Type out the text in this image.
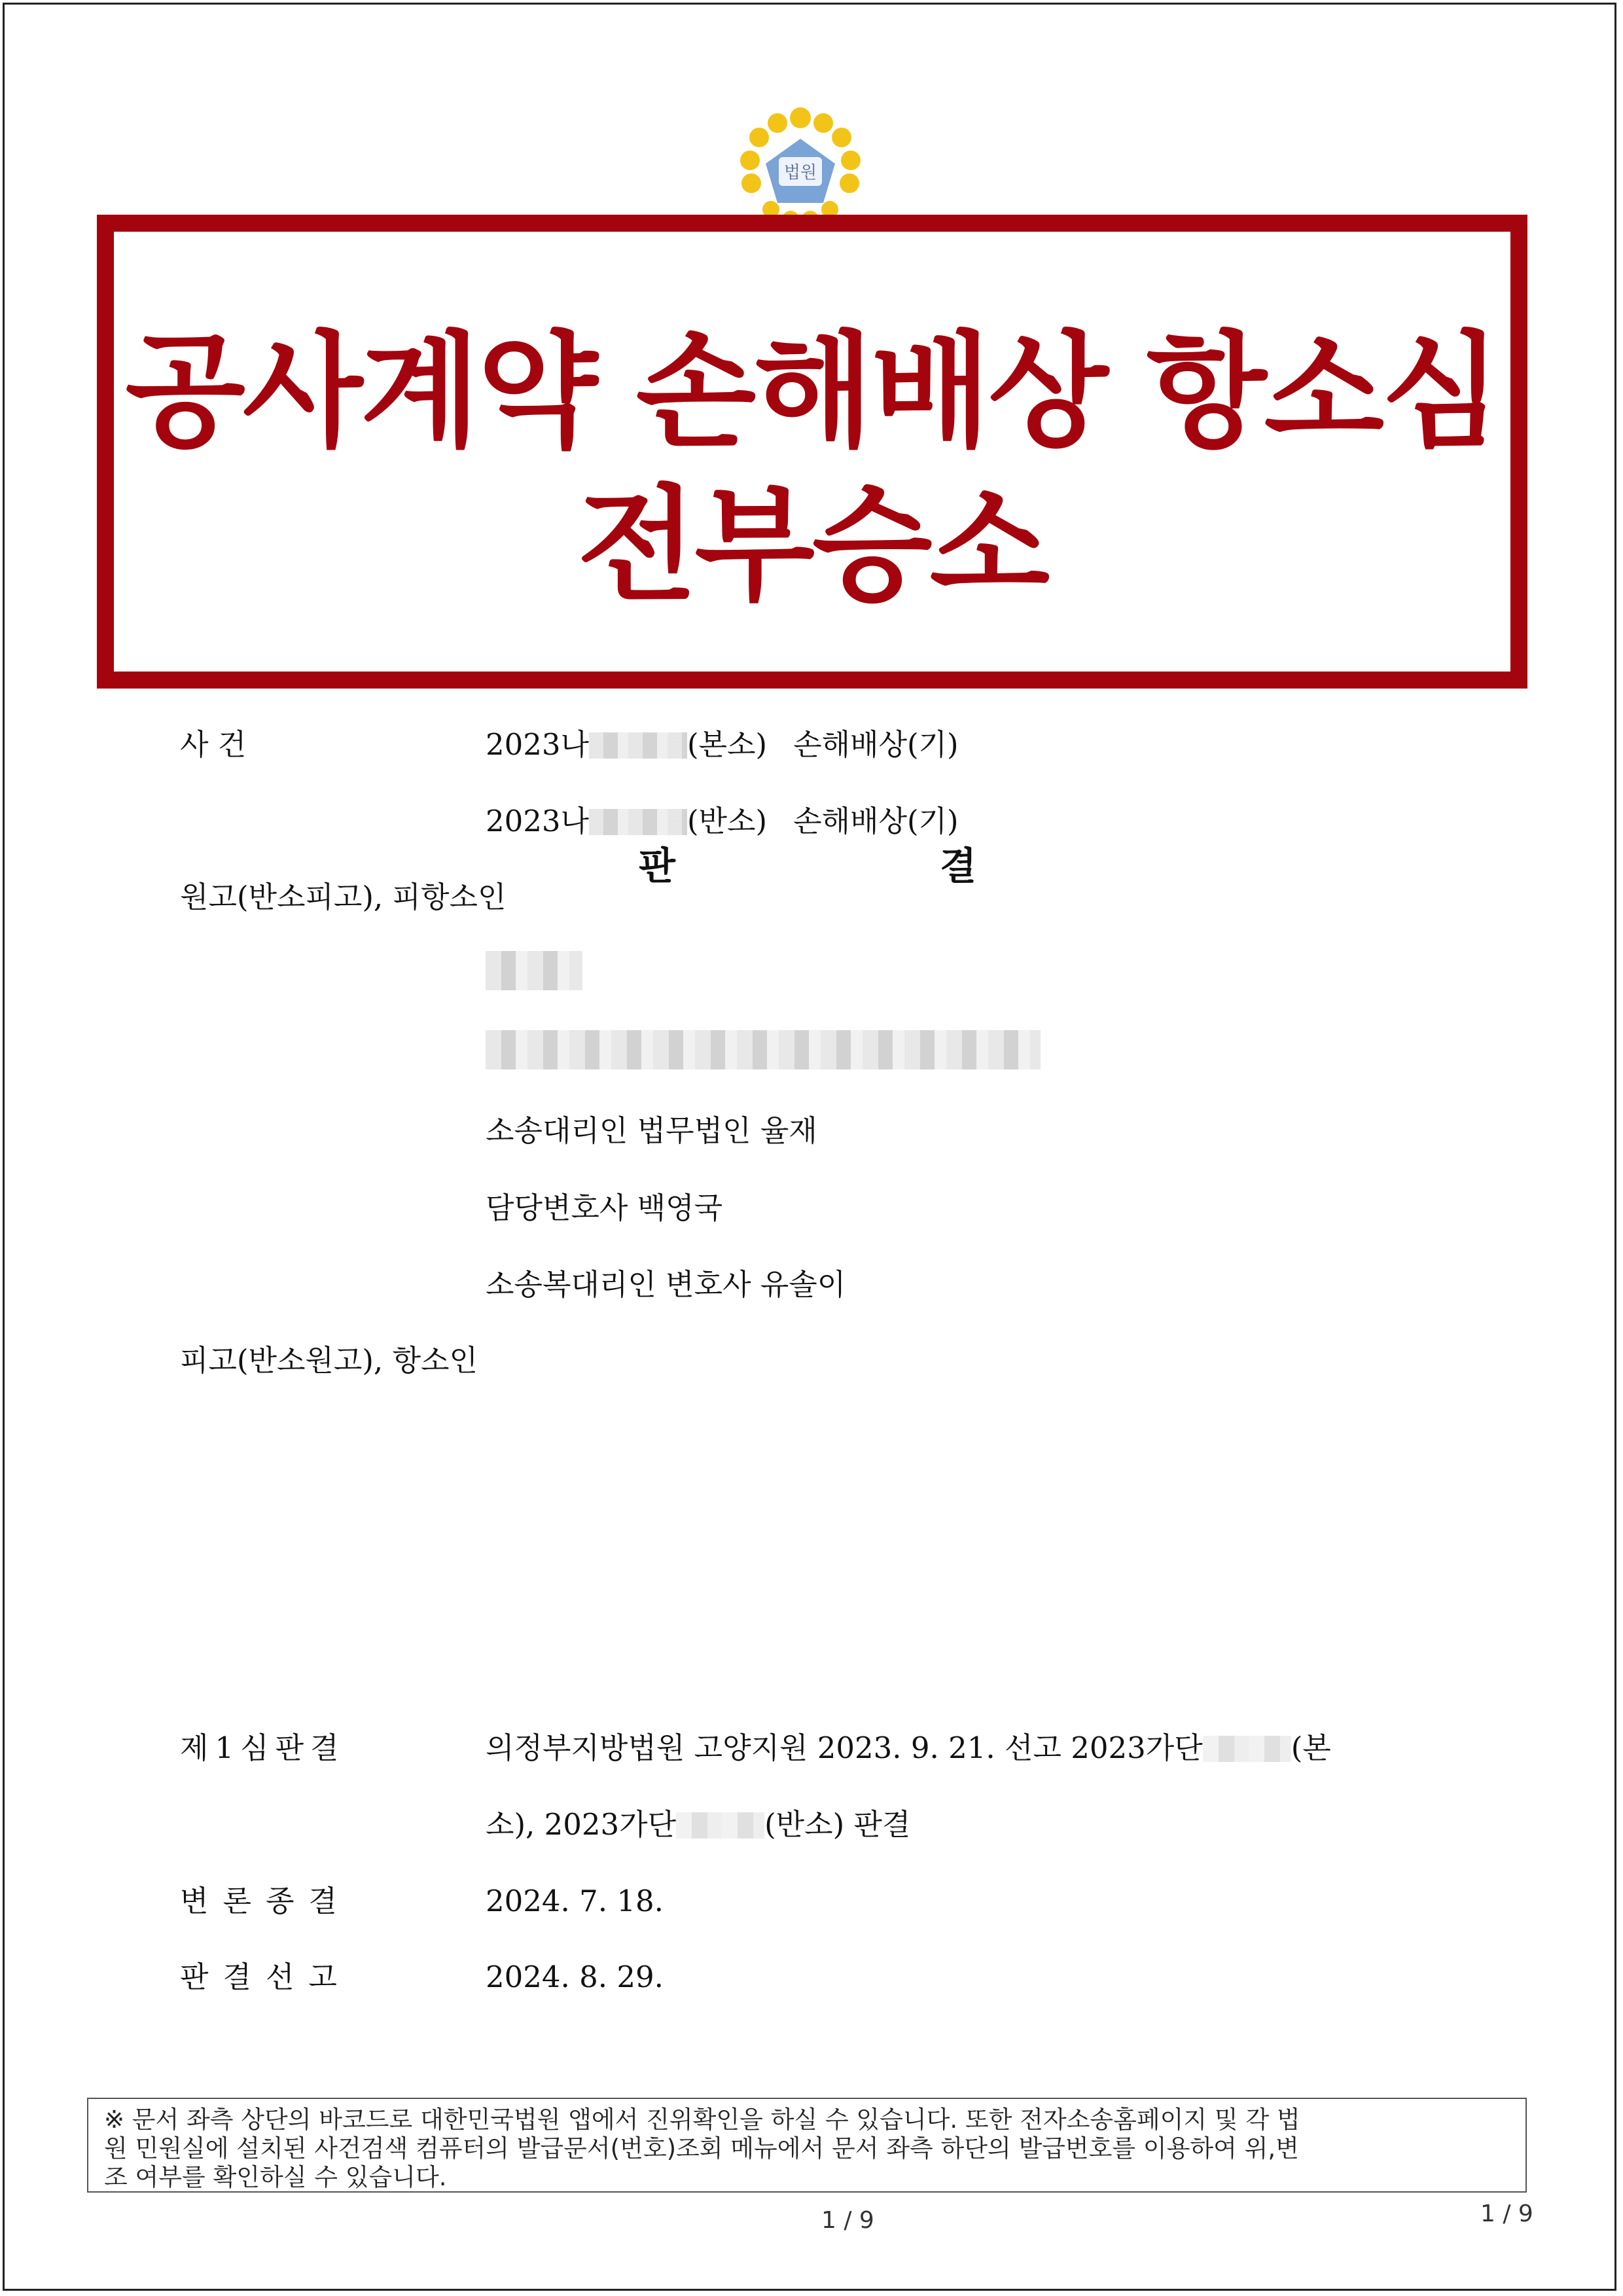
법원
공사계약 손해배상 항소심
전부승소
판	결
사 건	2023나	(본소) 손해배상(기)
2023나	(반소) 손해배상(기)
원고(반소피고), 피항소인
소송대리인 법무법인 율재
담당변호사 백영국
소송복대리인 변호사 유솔이
피고(반소원고), 항소인
제1심판결	의정부지방법원 고양지원 2023. 9. 21. 선고 2023가단	(본
소), 2023가단	(반소) 판결
변론종결	2024. 7. 18.
판결선고	2024. 8. 29.
※ 문서 좌측 상단의 바코드로 대한민국법원 앱에서 진위확인을 하실 수 있습니다. 또한 전자소송홈페이지 및 각 법
원 민원실에 설치된 사건검색 컴퓨터의 발급문서(번호)조회 메뉴에서 문서 좌측 하단의 발급번호를 이용하여 위,변
조 여부를 확인하실 수 있습니다.
1 / 9	1 / 9
